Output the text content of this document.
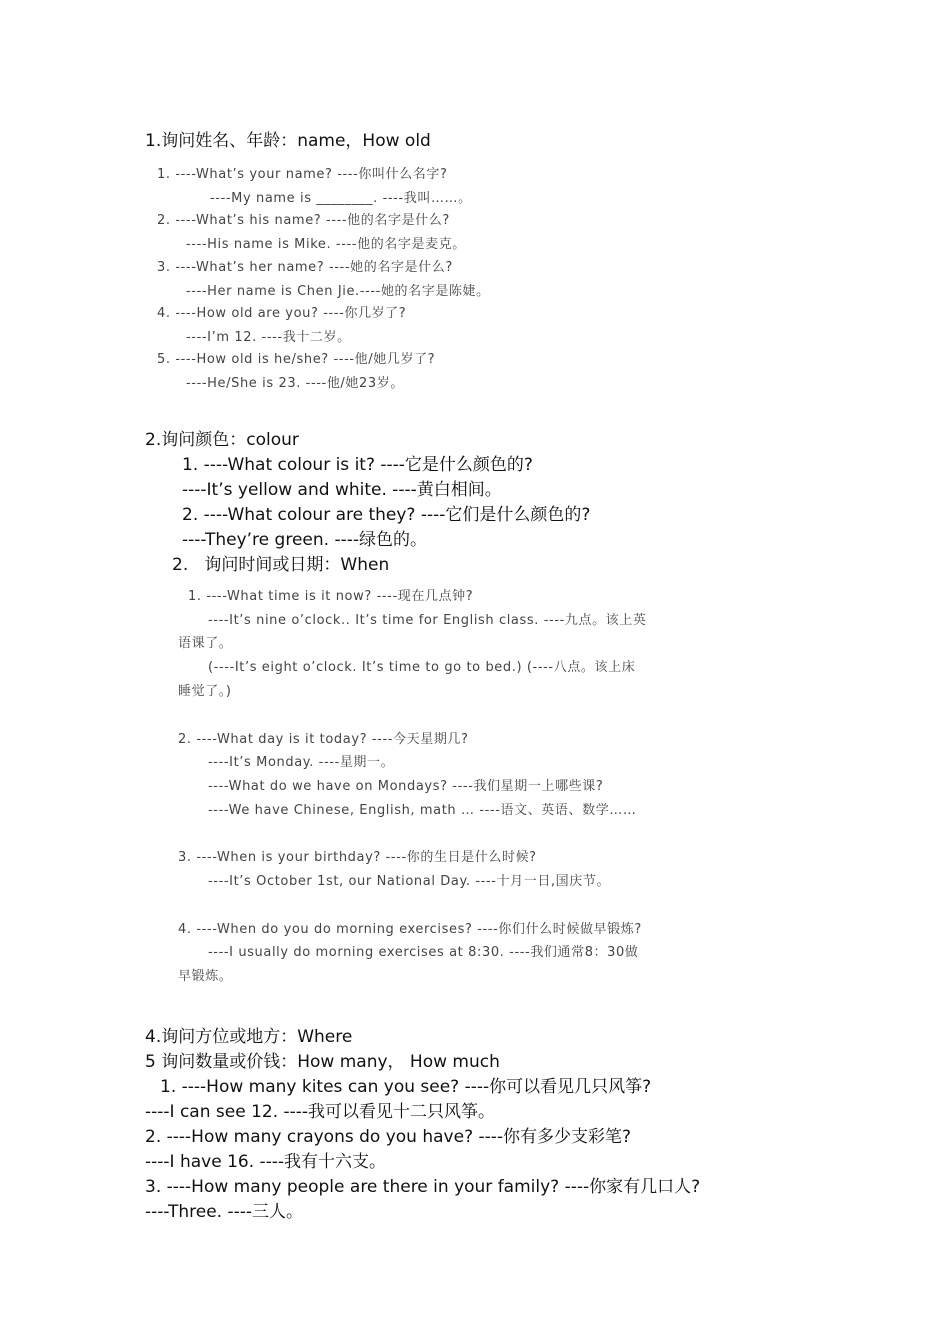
1.询问姓名、年龄：name，How old

1. ----What’s your name? ----你叫什么名字?

----My name is ________. ----我叫……。

2. ----What’s his name? ----他的名字是什么?

----His name is Mike. ----他的名字是麦克。

3. ----What’s her name? ----她的名字是什么?

----Her name is Chen Jie.----她的名字是陈婕。

4. ----How old are you? ----你几岁了?

----I’m 12. ----我十二岁。

5. ----How old is he/she? ----他/她几岁了?

----He/She is 23. ----他/她23岁。

2.询问颜色：colour

1. ----What colour is it? ----它是什么颜色的?

----It’s yellow and white. ----黄白相间。

2. ----What colour are they? ----它们是什么颜色的?

----They’re green. ----绿色的。

2.   询问时间或日期：When

1. ----What time is it now? ----现在几点钟?

----It’s nine o’clock.. It’s time for English class. ----九点。该上英

语课了。

(----It’s eight o’clock. It’s time to go to bed.) (----八点。该上床

睡觉了。)

2. ----What day is it today? ----今天星期几?

----It’s Monday. ----星期一。

----What do we have on Mondays? ----我们星期一上哪些课?

----We have Chinese, English, math … ----语文、英语、数学……

3. ----When is your birthday? ----你的生日是什么时候?

----It’s October 1st, our National Day. ----十月一日,国庆节。

4. ----When do you do morning exercises? ----你们什么时候做早锻炼?

----I usually do morning exercises at 8:30. ----我们通常8：30做

早锻炼。

4.询问方位或地方：Where

5 询问数量或价钱：How many， How much

1. ----How many kites can you see? ----你可以看见几只风筝?

----I can see 12. ----我可以看见十二只风筝。

2. ----How many crayons do you have? ----你有多少支彩笔?

----I have 16. ----我有十六支。

3. ----How many people are there in your family? ----你家有几口人?

----Three. ----三人。
